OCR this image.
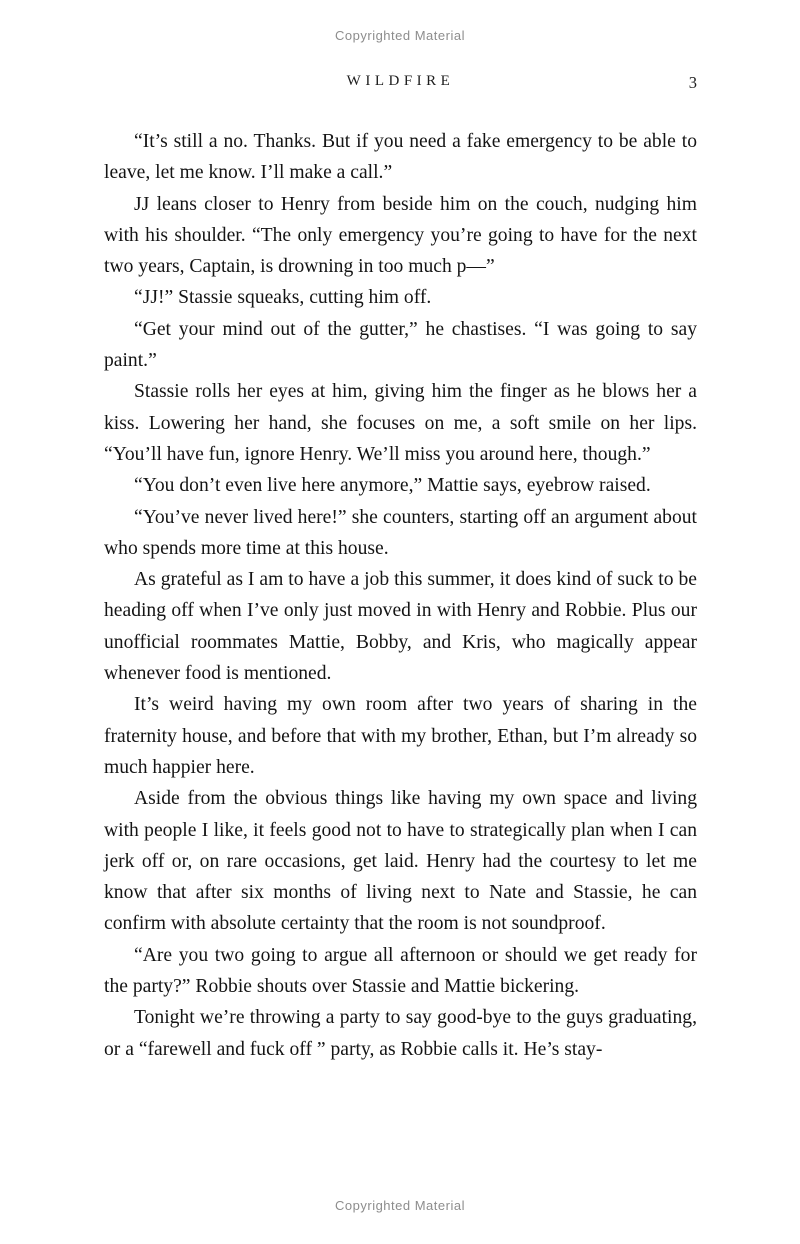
Copyrighted Material
WILDFIRE	3

“It’s still a no. Thanks. But if you need a fake emergency to be able to leave, let me know. I’ll make a call.”

JJ leans closer to Henry from beside him on the couch, nudging him with his shoulder. “The only emergency you’re going to have for the next two years, Captain, is drowning in too much p—”

“JJ!” Stassie squeaks, cutting him off.

“Get your mind out of the gutter,” he chastises. “I was going to say paint.”

Stassie rolls her eyes at him, giving him the finger as he blows her a kiss. Lowering her hand, she focuses on me, a soft smile on her lips. “You’ll have fun, ignore Henry. We’ll miss you around here, though.”

“You don’t even live here anymore,” Mattie says, eyebrow raised.

“You’ve never lived here!” she counters, starting off an argument about who spends more time at this house.

As grateful as I am to have a job this summer, it does kind of suck to be heading off when I’ve only just moved in with Henry and Robbie. Plus our unofficial roommates Mattie, Bobby, and Kris, who magically appear whenever food is mentioned.

It’s weird having my own room after two years of sharing in the fraternity house, and before that with my brother, Ethan, but I’m already so much happier here.

Aside from the obvious things like having my own space and living with people I like, it feels good not to have to strategically plan when I can jerk off or, on rare occasions, get laid. Henry had the courtesy to let me know that after six months of living next to Nate and Stassie, he can confirm with absolute certainty that the room is not soundproof.

“Are you two going to argue all afternoon or should we get ready for the party?” Robbie shouts over Stassie and Mattie bickering.

Tonight we’re throwing a party to say good-bye to the guys graduating, or a “farewell and fuck off ” party, as Robbie calls it. He’s stay-

Copyrighted Material
